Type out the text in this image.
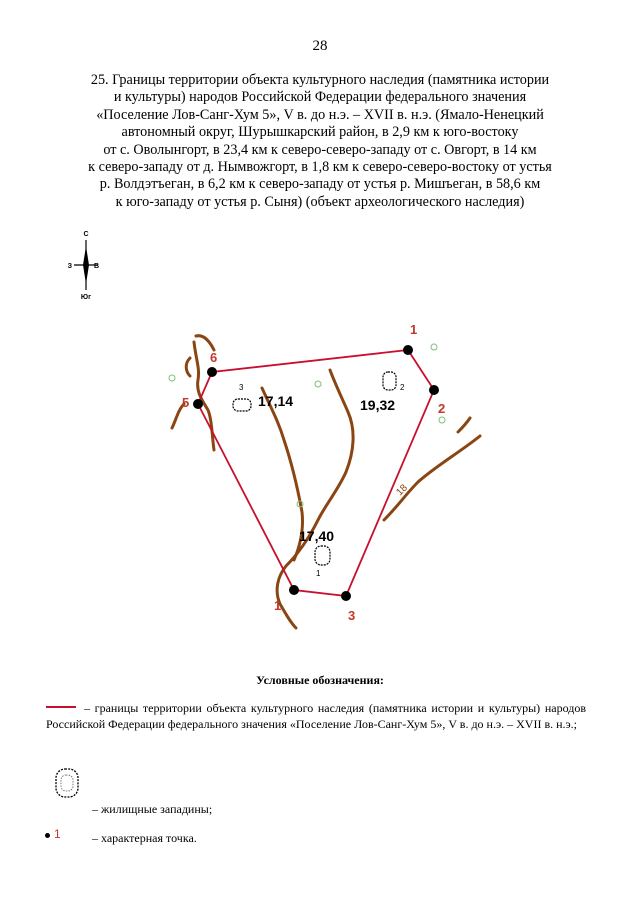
28
25. Границы территории объекта культурного наследия (памятника истории
и культуры) народов Российской Федерации федерального значения
«Поселение Лов-Санг-Хум 5», V в. до н.э. – XVII в. н.э. (Ямало-Ненецкий
автономный округ, Шурышкарский район, в 2,9 км к юго-востоку
от с. Оволынгорт, в 23,4 км к северо-северо-западу от с. Овгорт, в 14 км
к северо-западу от д. Нымвожгорт, в 1,8 км к северо-северо-востоку от устья
р. Волдэтъеган, в 6,2 км к северо-западу от устья р. Мишъеган, в 58,6 км
к юго-западу от устья р. Сыня) (объект археологического наследия)
С
Юг
З	В
18
1
2
3
1
5
6
3	2
1
17,14	19,32
17,40
Условные обозначения:
– границы территории объекта культурного наследия (памятника истории и культуры) народов Российской Федерации федерального значения «Поселение Лов-Санг-Хум 5», V в. до н.э. – XVII в. н.э.;
– жилищные западины;
1	– характерная точка.
